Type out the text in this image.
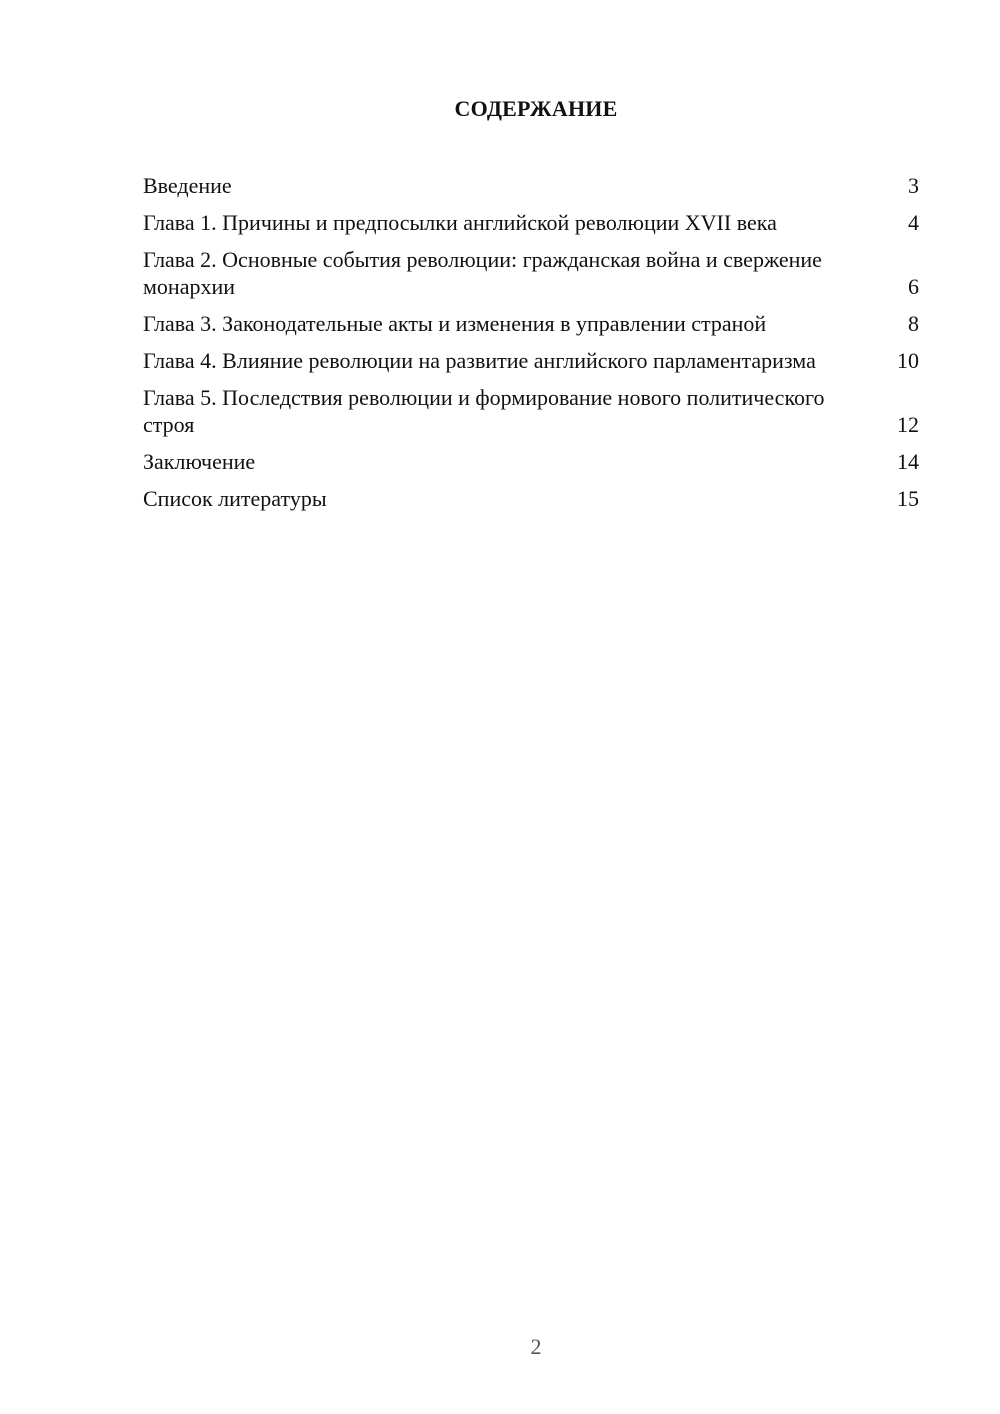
СОДЕРЖАНИЕ
Введение	3
Глава 1. Причины и предпосылки английской революции XVII века	4
Глава 2. Основные события революции: гражданская война и свержение монархии	6
Глава 3. Законодательные акты и изменения в управлении страной	8
Глава 4. Влияние революции на развитие английского парламентаризма	10
Глава 5. Последствия революции и формирование нового политического строя	12
Заключение	14
Список литературы	15
2
